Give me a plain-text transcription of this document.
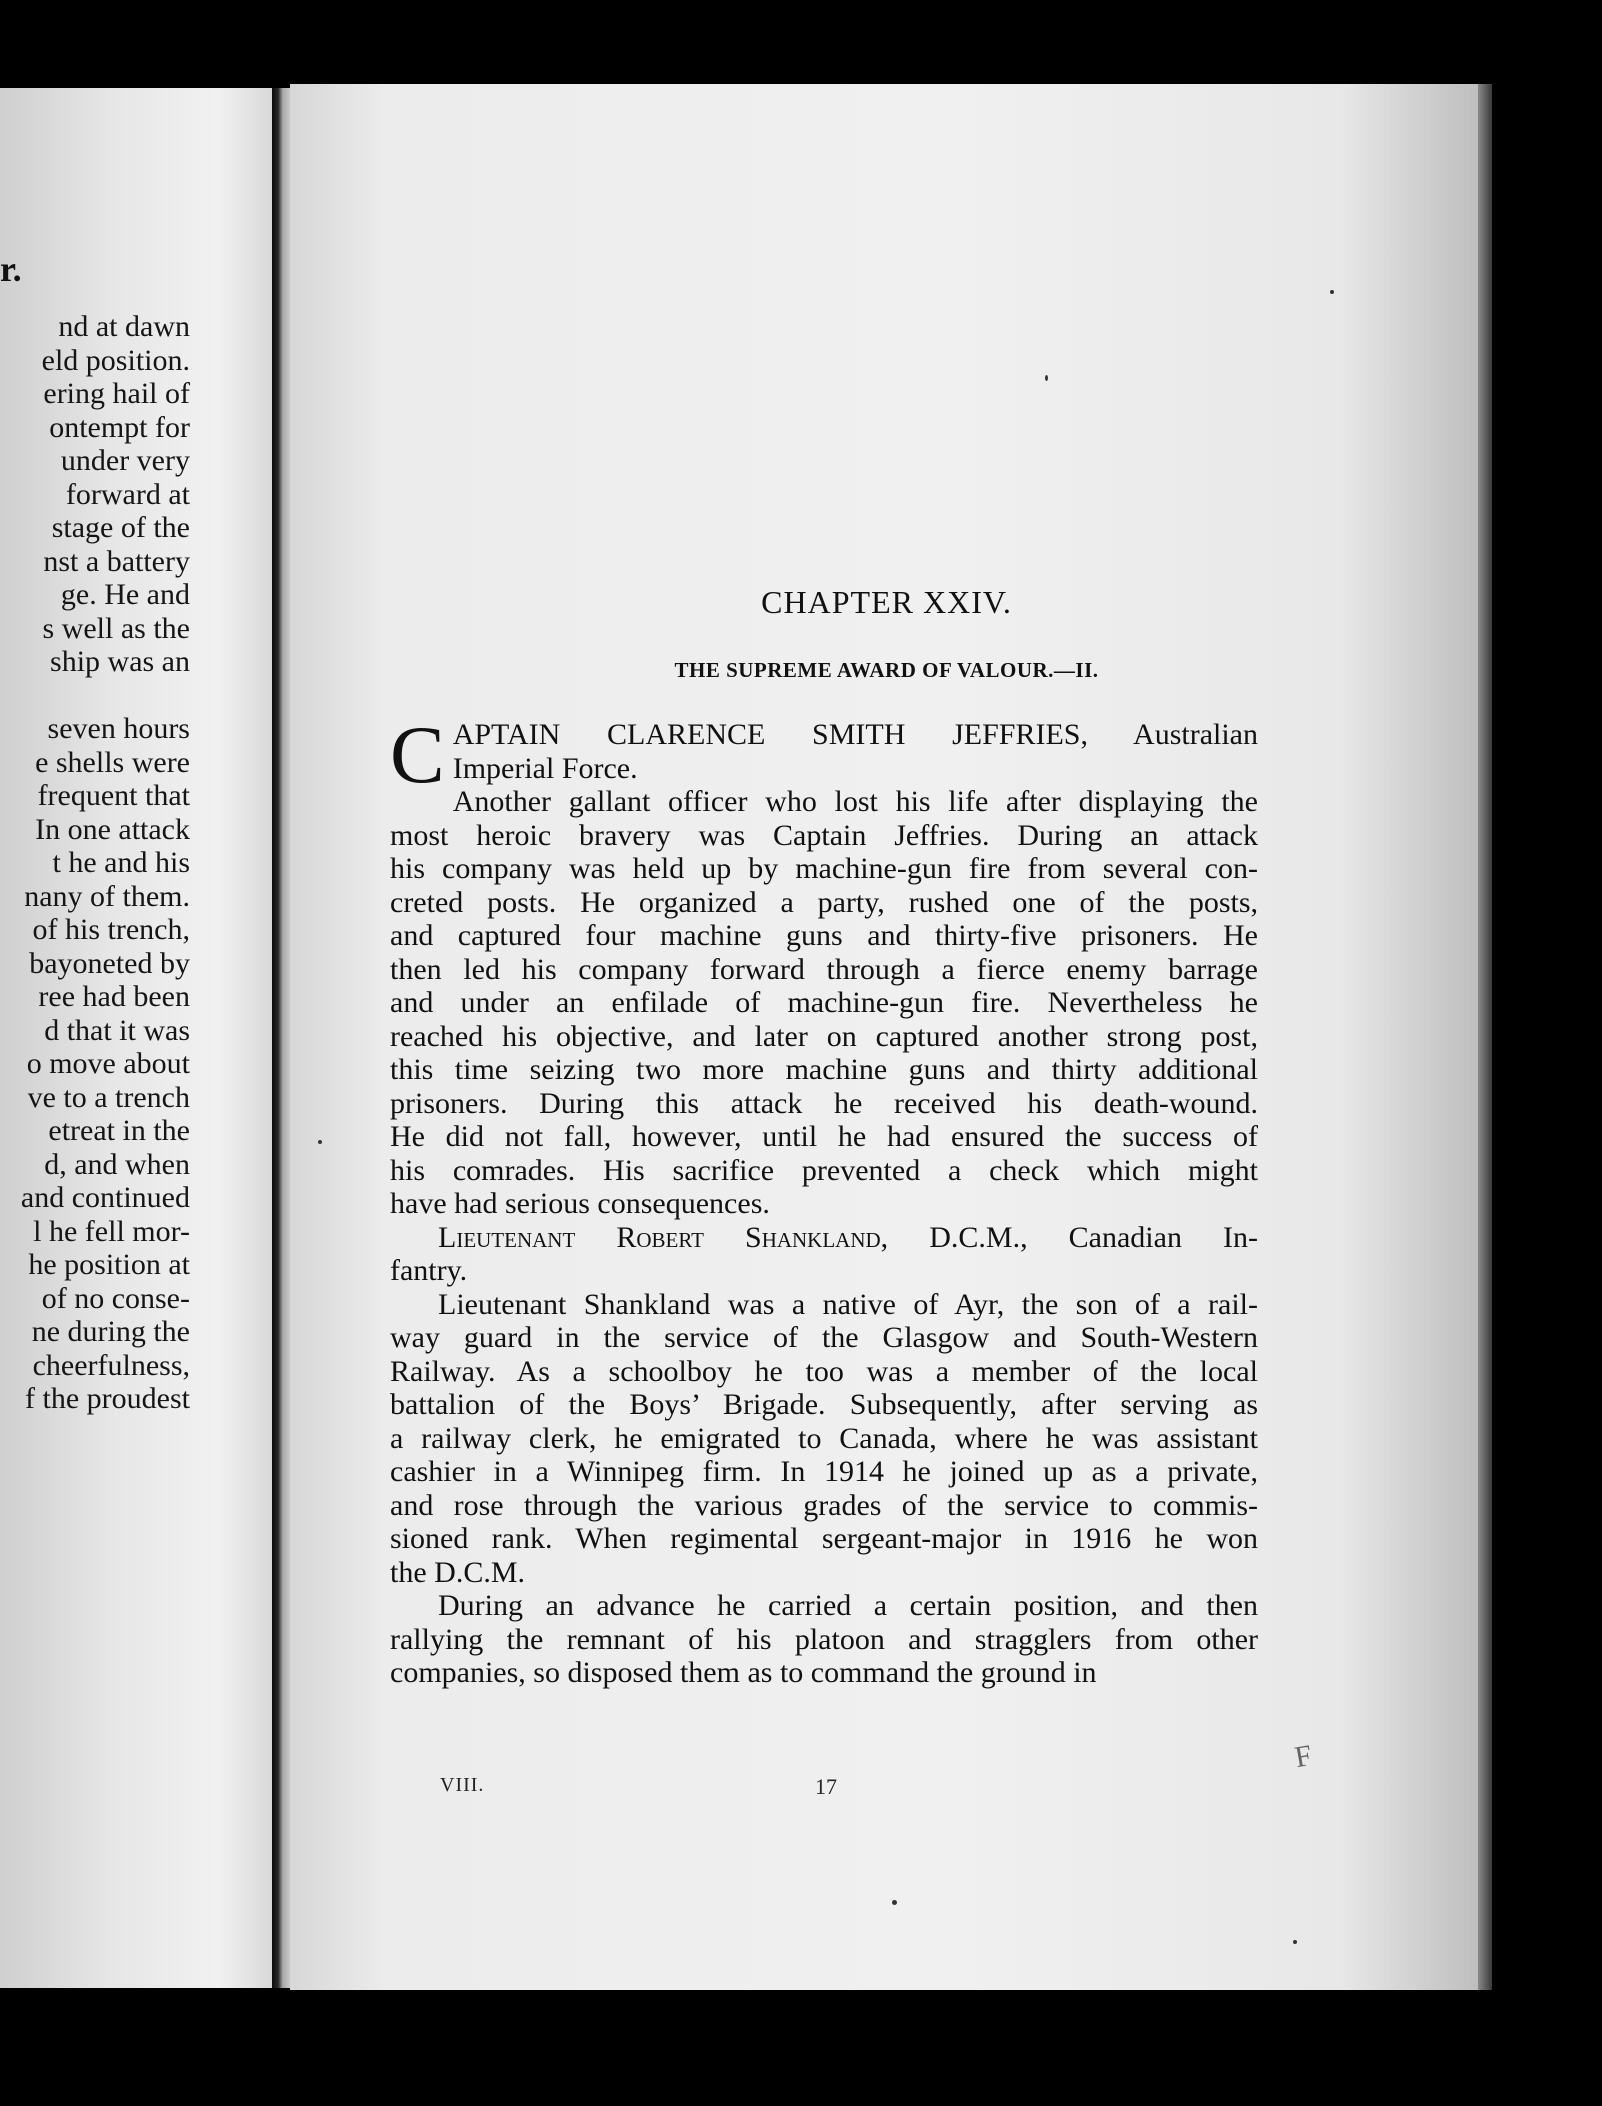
r.
nd at dawn
eld position.
ering hail of
ontempt for
under very
forward at
stage of the
nst a battery
ge. He and
s well as the
ship was an
seven hours
e shells were
frequent that
In one attack
t he and his
nany of them.
of his trench,
bayoneted by
ree had been
d that it was
o move about
ve to a trench
etreat in the
d, and when
and continued
l he fell mor-
he position at
of no conse-
ne during the
cheerfulness,
f the proudest
CHAPTER XXIV.
THE SUPREME AWARD OF VALOUR.—II.
C APTAIN CLARENCE SMITH JEFFRIES, Australian
Imperial Force.
Another gallant officer who lost his life after displaying the
most heroic bravery was Captain Jeffries. During an attack
his company was held up by machine-gun fire from several con-
creted posts. He organized a party, rushed one of the posts,
and captured four machine guns and thirty-five prisoners. He
then led his company forward through a fierce enemy barrage
and under an enfilade of machine-gun fire. Nevertheless he
reached his objective, and later on captured another strong post,
this time seizing two more machine guns and thirty additional
prisoners. During this attack he received his death-wound.
He did not fall, however, until he had ensured the success of
his comrades. His sacrifice prevented a check which might
have had serious consequences.
Lieutenant Robert Shankland, D.C.M., Canadian In-
fantry.
Lieutenant Shankland was a native of Ayr, the son of a rail-
way guard in the service of the Glasgow and South-Western
Railway. As a schoolboy he too was a member of the local
battalion of the Boys’ Brigade. Subsequently, after serving as
a railway clerk, he emigrated to Canada, where he was assistant
cashier in a Winnipeg firm. In 1914 he joined up as a private,
and rose through the various grades of the service to commis-
sioned rank. When regimental sergeant-major in 1916 he won
the D.C.M.
During an advance he carried a certain position, and then
rallying the remnant of his platoon and stragglers from other
companies, so disposed them as to command the ground in
VIII.	17
F
